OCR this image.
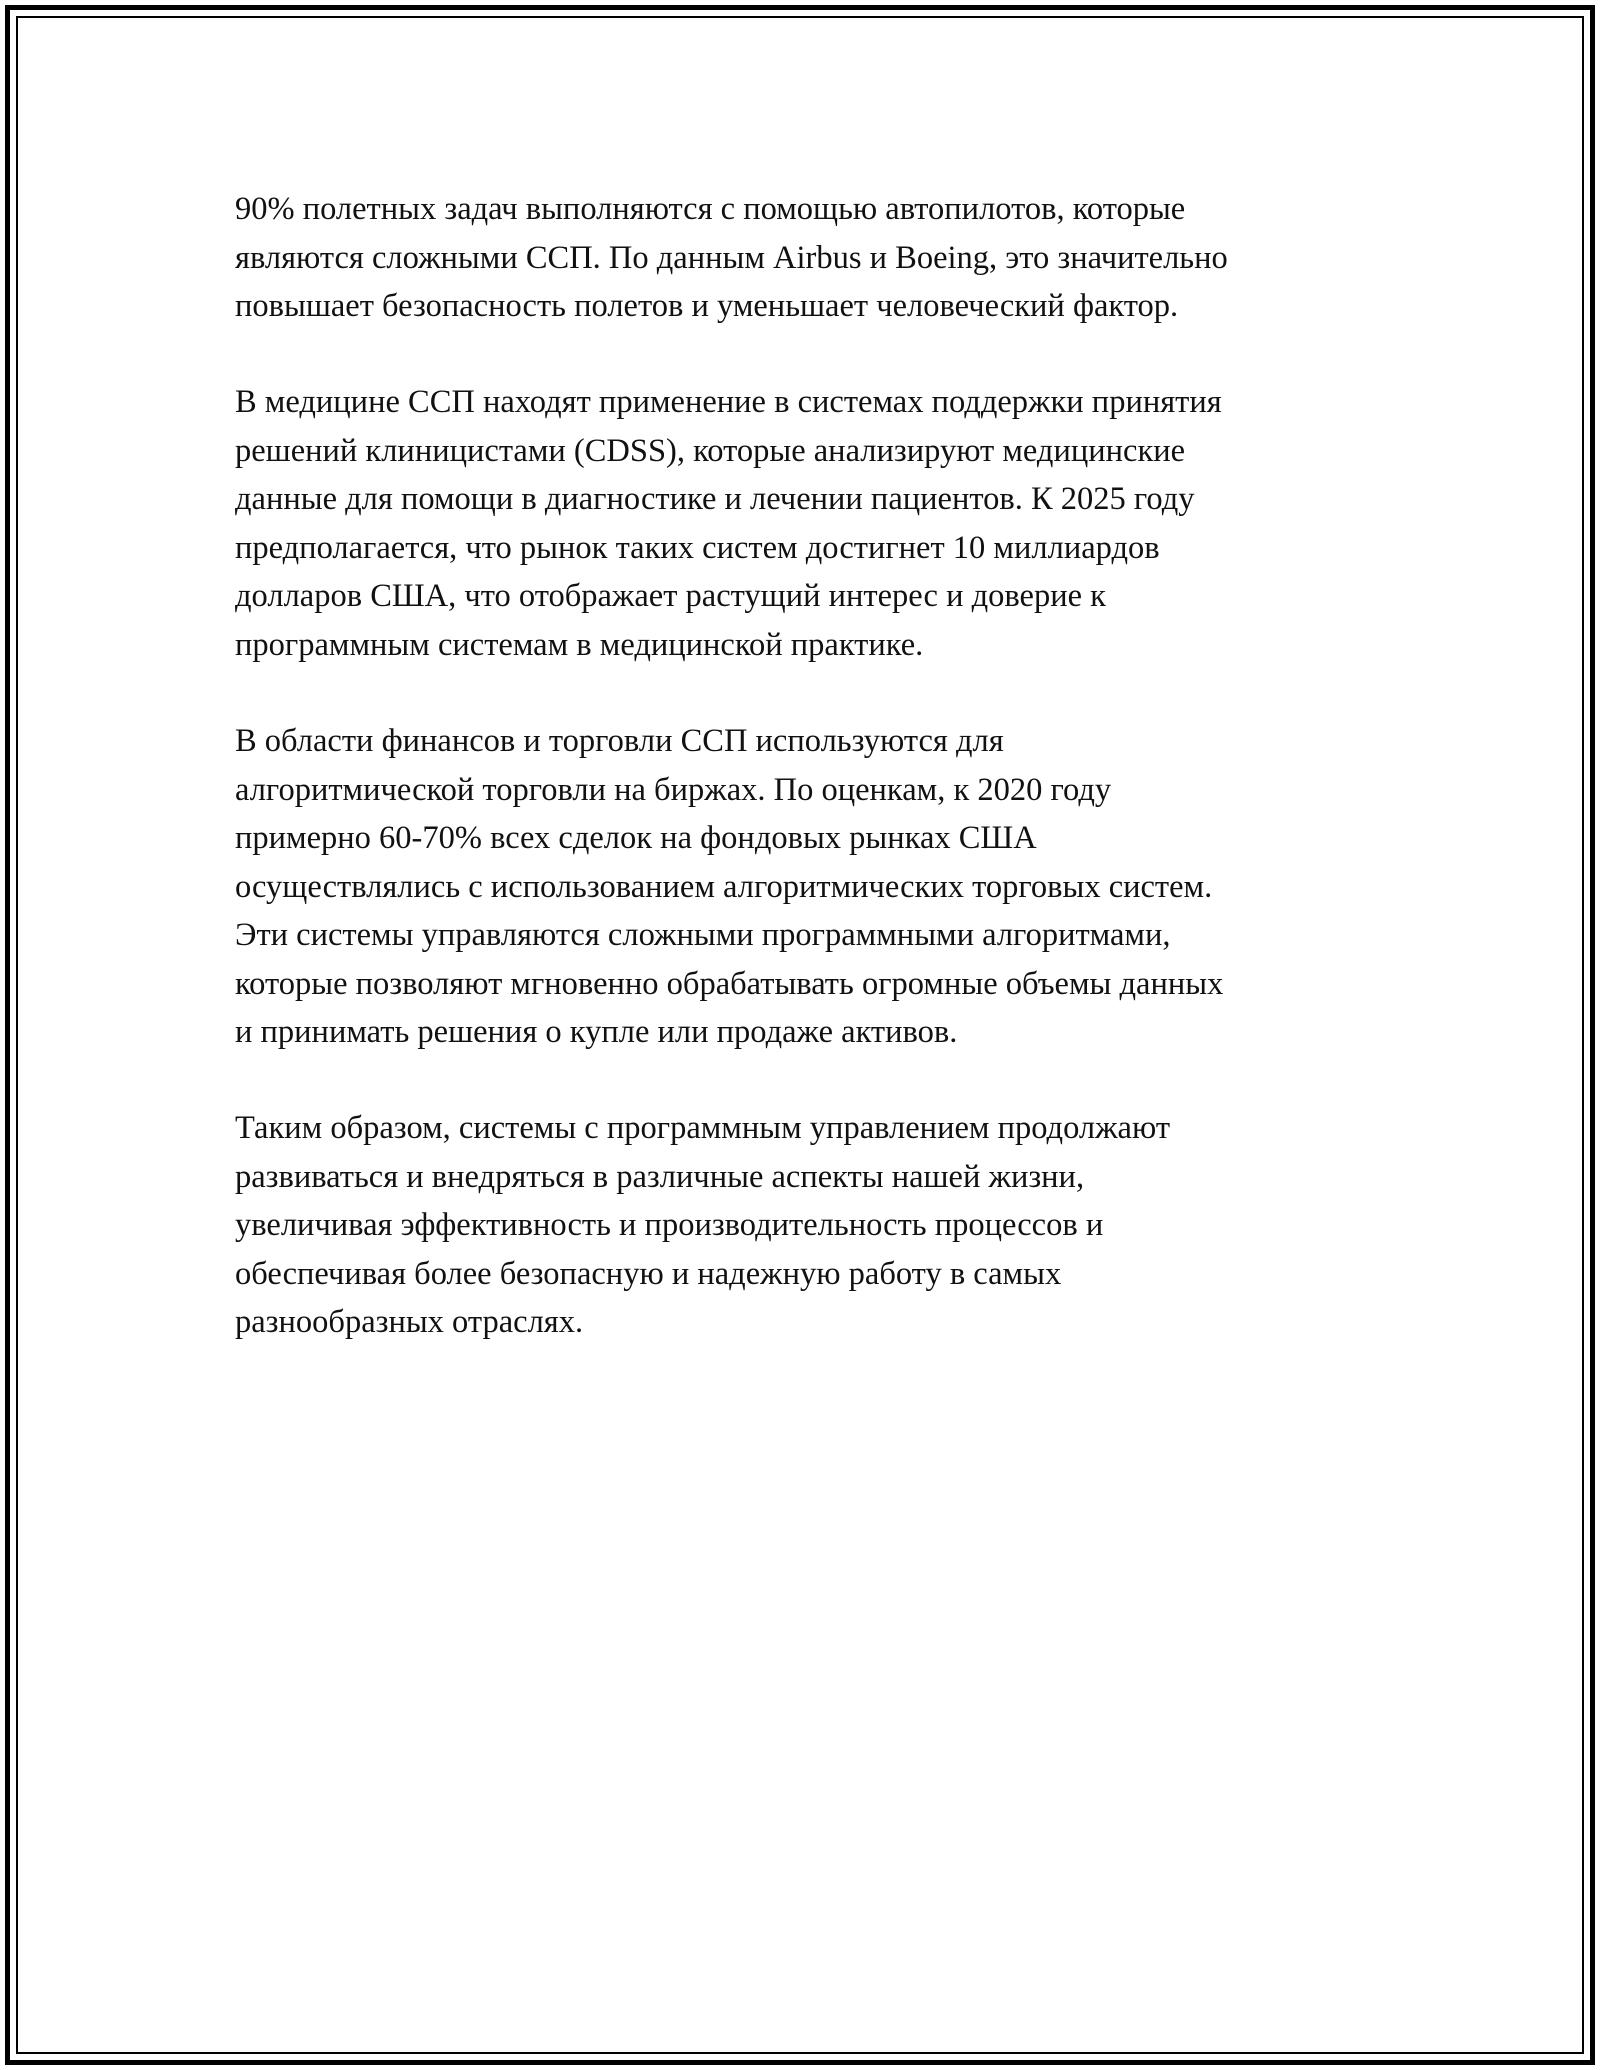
90% полетных задач выполняются с помощью автопилотов, которые
являются сложными ССП. По данным Airbus и Boeing, это значительно
повышает безопасность полетов и уменьшает человеческий фактор.

В медицине ССП находят применение в системах поддержки принятия
решений клиницистами (CDSS), которые анализируют медицинские
данные для помощи в диагностике и лечении пациентов. К 2025 году
предполагается, что рынок таких систем достигнет 10 миллиардов
долларов США, что отображает растущий интерес и доверие к
программным системам в медицинской практике.

В области финансов и торговли ССП используются для
алгоритмической торговли на биржах. По оценкам, к 2020 году
примерно 60-70% всех сделок на фондовых рынках США
осуществлялись с использованием алгоритмических торговых систем.
Эти системы управляются сложными программными алгоритмами,
которые позволяют мгновенно обрабатывать огромные объемы данных
и принимать решения о купле или продаже активов.

Таким образом, системы с программным управлением продолжают
развиваться и внедряться в различные аспекты нашей жизни,
увеличивая эффективность и производительность процессов и
обеспечивая более безопасную и надежную работу в самых
разнообразных отраслях.
